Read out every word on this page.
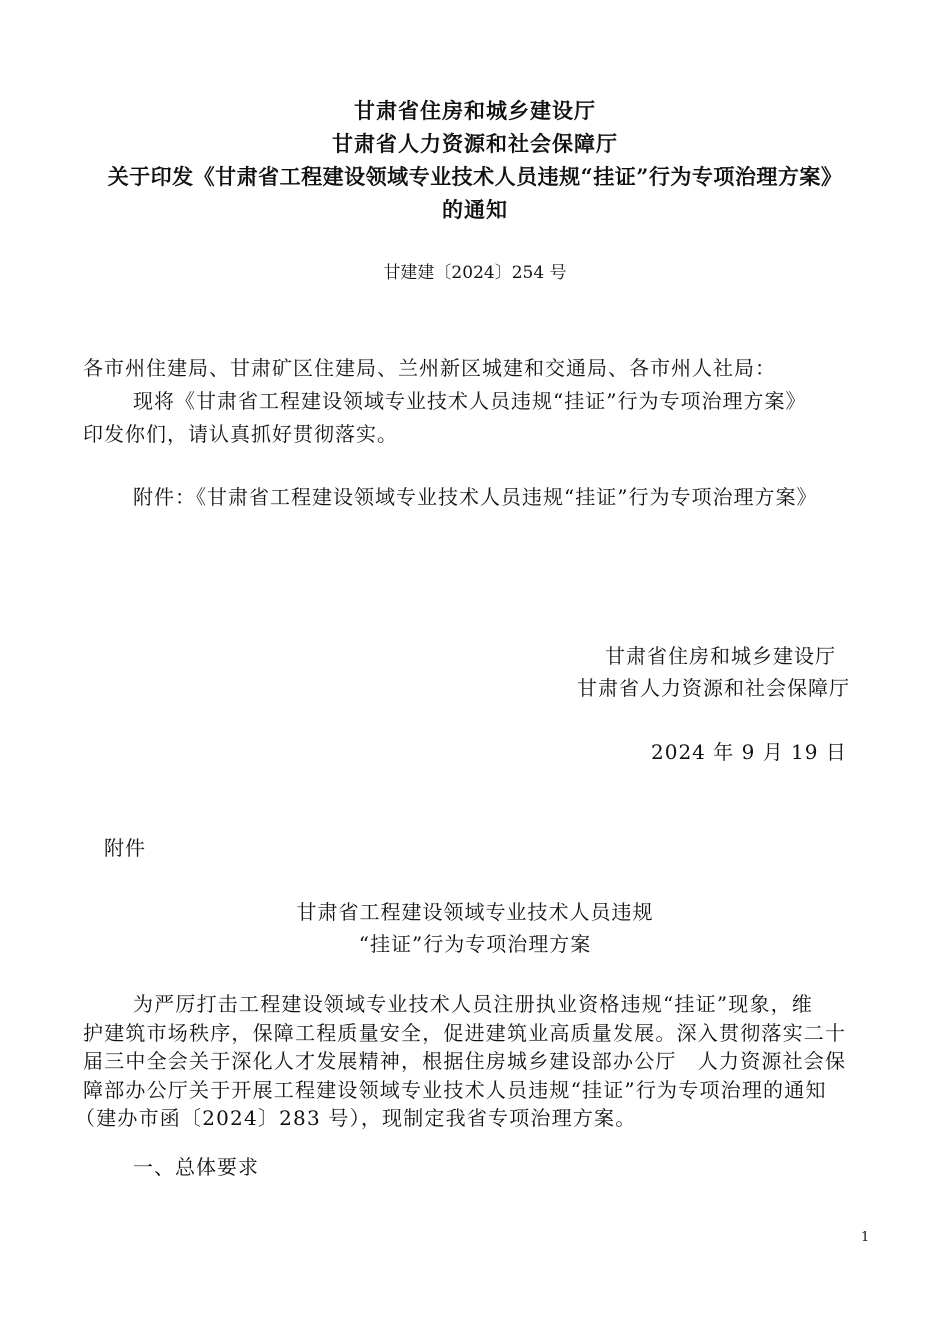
甘肃省住房和城乡建设厅
甘肃省人力资源和社会保障厅
关于印发《甘肃省工程建设领域专业技术人员违规“挂证”行为专项治理方案》
的通知
甘建建〔2024〕254 号
各市州住建局、甘肃矿区住建局、兰州新区城建和交通局、各市州人社局：
现将《甘肃省工程建设领域专业技术人员违规“挂证”行为专项治理方案》
印发你们，请认真抓好贯彻落实。
附件：《甘肃省工程建设领域专业技术人员违规“挂证”行为专项治理方案》
甘肃省住房和城乡建设厅
甘肃省人力资源和社会保障厅
2024 年 9 月 19 日
附件
甘肃省工程建设领域专业技术人员违规
“挂证”行为专项治理方案
为严厉打击工程建设领域专业技术人员注册执业资格违规“挂证”现象，维
护建筑市场秩序，保障工程质量安全，促进建筑业高质量发展。深入贯彻落实二十
届三中全会关于深化人才发展精神，根据住房城乡建设部办公厅　人力资源社会保
障部办公厅关于开展工程建设领域专业技术人员违规“挂证”行为专项治理的通知
（建办市函〔2024〕283 号），现制定我省专项治理方案。
一、总体要求
1
